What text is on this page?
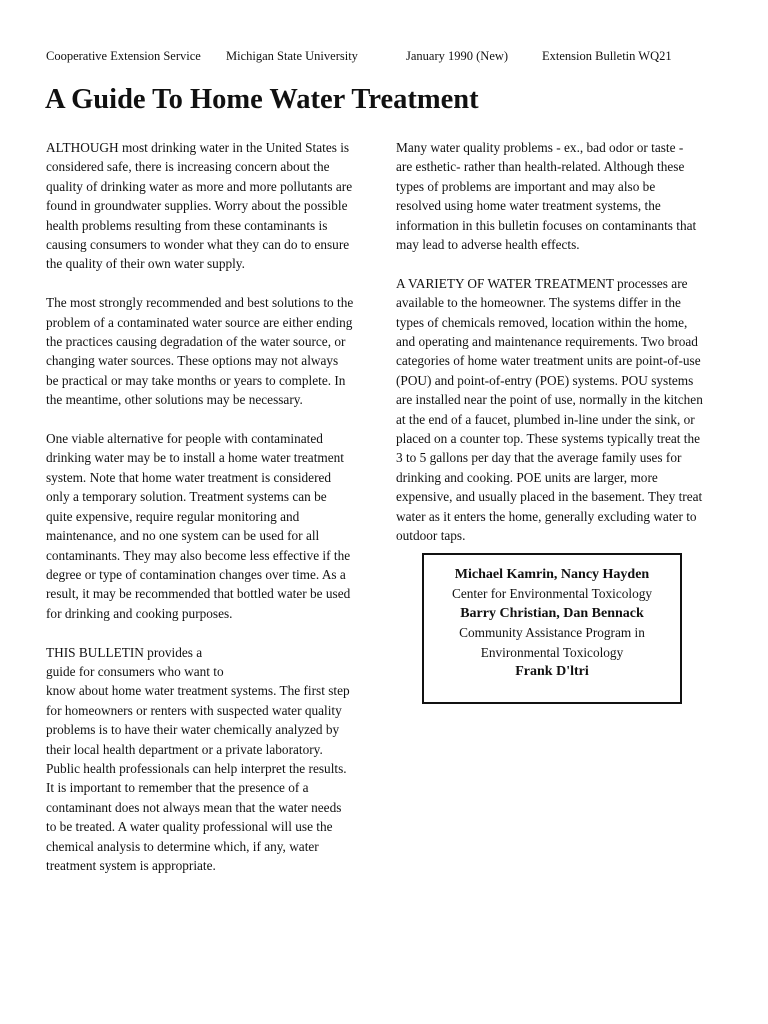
Cooperative Extension Service Michigan State University	January 1990 (New)	Extension Bulletin WQ21
A Guide To Home Water Treatment

ALTHOUGH most drinking water in the United States is
considered safe, there is increasing concern about the
quality of drinking water as more and more pollutants are
found in groundwater supplies. Worry about the possible
health problems resulting from these contaminants is
causing consumers to wonder what they can do to ensure
the quality of their own water supply.

The most strongly recommended and best solutions to the
problem of a contaminated water source are either ending
the practices causing degradation of the water source, or
changing water sources. These options may not always
be practical or may take months or years to complete. In
the meantime, other solutions may be necessary.

One viable alternative for people with contaminated
drinking water may be to install a home water treatment
system. Note that home water treatment is considered
only a temporary solution. Treatment systems can be
quite expensive, require regular monitoring and
maintenance, and no one system can be used for all
contaminants. They may also become less effective if the
degree or type of contamination changes over time. As a
result, it may be recommended that bottled water be used
for drinking and cooking purposes.

THIS BULLETIN provides a
guide for consumers who want to
know about home water treatment systems. The first step
for homeowners or renters with suspected water quality
problems is to have their water chemically analyzed by
their local health department or a private laboratory.
Public health professionals can help interpret the results.
It is important to remember that the presence of a
contaminant does not always mean that the water needs
to be treated. A water quality professional will use the
chemical analysis to determine which, if any, water
treatment system is appropriate.

Many water quality problems - ex., bad odor or taste -
are esthetic- rather than health-related. Although these
types of problems are important and may also be
resolved using home water treatment systems, the
information in this bulletin focuses on contaminants that
may lead to adverse health effects.

A VARIETY OF WATER TREATMENT processes are
available to the homeowner. The systems differ in the
types of chemicals removed, location within the home,
and operating and maintenance requirements. Two broad
categories of home water treatment units are point-of-use
(POU) and point-of-entry (POE) systems. POU systems
are installed near the point of use, normally in the kitchen
at the end of a faucet, plumbed in-line under the sink, or
placed on a counter top. These systems typically treat the
3 to 5 gallons per day that the average family uses for
drinking and cooking. POE units are larger, more
expensive, and usually placed in the basement. They treat
water as it enters the home, generally excluding water to
outdoor taps.

Michael Kamrin, Nancy Hayden
Center for Environmental Toxicology
Barry Christian, Dan Bennack
Community Assistance Program in
Environmental Toxicology
Frank D'ltri
